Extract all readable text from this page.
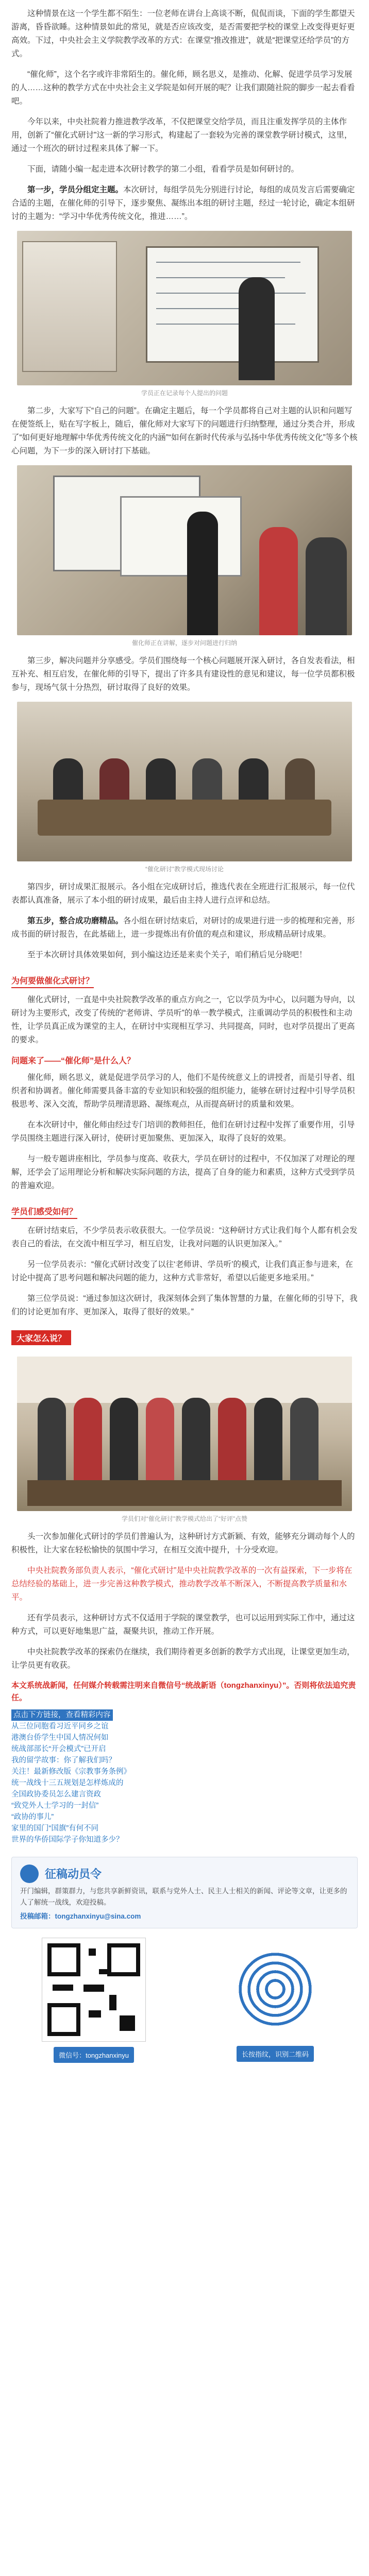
这种情景在这一个学生都不陌生：一位老师在讲台上高谈不断，侃侃而谈，下面的学生都望天游离，昏昏欲睡。这种情景如此的常见，就是否应该改变，是否需要把学校的课堂上改变得更好更高效。下过，中央社会主义学院教学改革的方式：在课堂“推改推进”，就是“把课堂还给学员”的方式。

“催化师”，这个名字或许非常陌生的。催化师，顾名思义，是推动、化解、促进学员学习发展的人……这种的教学方式在中央社会主义学院是如何开展的呢？让我们跟随社院的脚步一起去看看吧。

今年以来，中央社院着力推进教学改革，不仅把课堂交给学员，而且注重发挥学员的主体作用，创新了“催化式研讨”这一新的学习形式，构建起了一套较为完善的课堂教学研讨模式，这里，通过一个班次的研讨过程来具体了解一下。

下面，请随小编一起走进本次研讨教学的第二小组，看看学员是如何研讨的。

第一步，学员分组定主题。本次研讨，每组学员先分别进行讨论，每组的成员发言后需要确定合适的主题，在催化师的引导下，逐步聚焦、凝练出本组的研讨主题，经过一轮讨论，确定本组研讨的主题为：“学习中华优秀传统文化，推进……”。

学员正在记录每个人提出的问题

第二步，大家写下“自己的问题”。在确定主题后，每一个学员都将自己对主题的认识和问题写在便签纸上，贴在写字板上，随后，催化师对大家写下的问题进行归纳整理，通过分类合并，形成了“如何更好地理解中华优秀传统文化的内涵”“如何在新时代传承与弘扬中华优秀传统文化”等多个核心问题，为下一步的深入研讨打下基础。

催化师正在讲解，逐步对问题进行归纳

第三步，解决问题并分享感受。学员们围绕每一个核心问题展开深入研讨，各自发表看法，相互补充、相互启发，在催化师的引导下，提出了许多具有建设性的意见和建议，每一位学员都积极参与，现场气氛十分热烈，研讨取得了良好的效果。

“催化研讨”教学模式现场讨论

第四步，研讨成果汇报展示。各小组在完成研讨后，推选代表在全班进行汇报展示，每一位代表都认真准备，展示了本小组的研讨成果，最后由主持人进行点评和总结。

第五步，整合成功磨精品。各小组在研讨结束后，对研讨的成果进行进一步的梳理和完善，形成书面的研讨报告，在此基础上，进一步提炼出有价值的观点和建议，形成精品研讨成果。

至于本次研讨具体效果如何，到小编这边还是来卖个关子，咱们稍后见分晓吧！

为何要做催化式研讨？

催化式研讨，一直是中央社院教学改革的重点方向之一，它以学员为中心，以问题为导向，以研讨为主要形式，改变了传统的“老师讲、学员听”的单一教学模式，注重调动学员的积极性和主动性，让学员真正成为课堂的主人，在研讨中实现相互学习、共同提高，同时，也对学员提出了更高的要求。

问题来了——“催化师”是什么人？

催化师，顾名思义，就是促进学员学习的人，他们不是传统意义上的讲授者，而是引导者、组织者和协调者。催化师需要具备丰富的专业知识和较强的组织能力，能够在研讨过程中引导学员积极思考、深入交流，帮助学员理清思路、凝练观点，从而提高研讨的质量和效果。

在本次研讨中，催化师由经过专门培训的教师担任，他们在研讨过程中发挥了重要作用，引导学员围绕主题进行深入研讨，使研讨更加聚焦、更加深入，取得了良好的效果。

与一般专题讲座相比，学员参与度高、收获大，学员在研讨的过程中，不仅加深了对理论的理解，还学会了运用理论分析和解决实际问题的方法，提高了自身的能力和素质，这种方式受到学员的普遍欢迎。

学员们感受如何？

在研讨结束后，不少学员表示收获很大。一位学员说：“这种研讨方式让我们每个人都有机会发表自己的看法，在交流中相互学习，相互启发，让我对问题的认识更加深入。”

另一位学员表示：“催化式研讨改变了以往‘老师讲、学员听’的模式，让我们真正参与进来，在讨论中提高了思考问题和解决问题的能力，这种方式非常好，希望以后能更多地采用。”

第三位学员说：“通过参加这次研讨，我深刻体会到了集体智慧的力量，在催化师的引导下，我们的讨论更加有序、更加深入，取得了很好的效果。”

大家怎么说？
学员们对“催化研讨”教学模式给出了“好评”点赞

头一次参加催化式研讨的学员们普遍认为，这种研讨方式新颖、有效，能够充分调动每个人的积极性，让大家在轻松愉快的氛围中学习，在相互交流中提升，十分受欢迎。

中央社院教务部负责人表示，“催化式研讨”是中央社院教学改革的一次有益探索，下一步将在总结经验的基础上，进一步完善这种教学模式，推动教学改革不断深入，不断提高教学质量和水平。

还有学员表示，这种研讨方式不仅适用于学院的课堂教学，也可以运用到实际工作中，通过这种方式，可以更好地集思广益，凝聚共识，推动工作开展。

中央社院教学改革的探索仍在继续，我们期待着更多创新的教学方式出现，让课堂更加生动，让学员更有收获。

本文系统战新闻，任何媒介转载需注明来自微信号“统战新语（tongzhanxinyu）”。否则将依法追究责任。
点击下方链接，查看精彩内容
从三位同胞看习近平同乡之谊
港澳台侨学生中国人情况何如
统战部部长“开会模式”已开启
我的留学故事：你了解我们吗？
关注！最新修改版《宗教事务条例》
统一战线十三五规划是怎样炼成的
全国政协委员怎么建言资政
“致党外人士学习的一封信”
“政协的事儿”
家里的国门“国旗”有何不同
世界的华侨国际学子你知道多少？
征稿动员令
开门编辑，群策群力，与您共享新鲜资讯，联系与党外人士、民主人士相关的新闻、评论等文章，让更多的人了解统一战线，欢迎投稿。
投稿邮箱：tongzhanxinyu@sina.com
微信号：tongzhanxinyu	长按指纹，识别二维码
